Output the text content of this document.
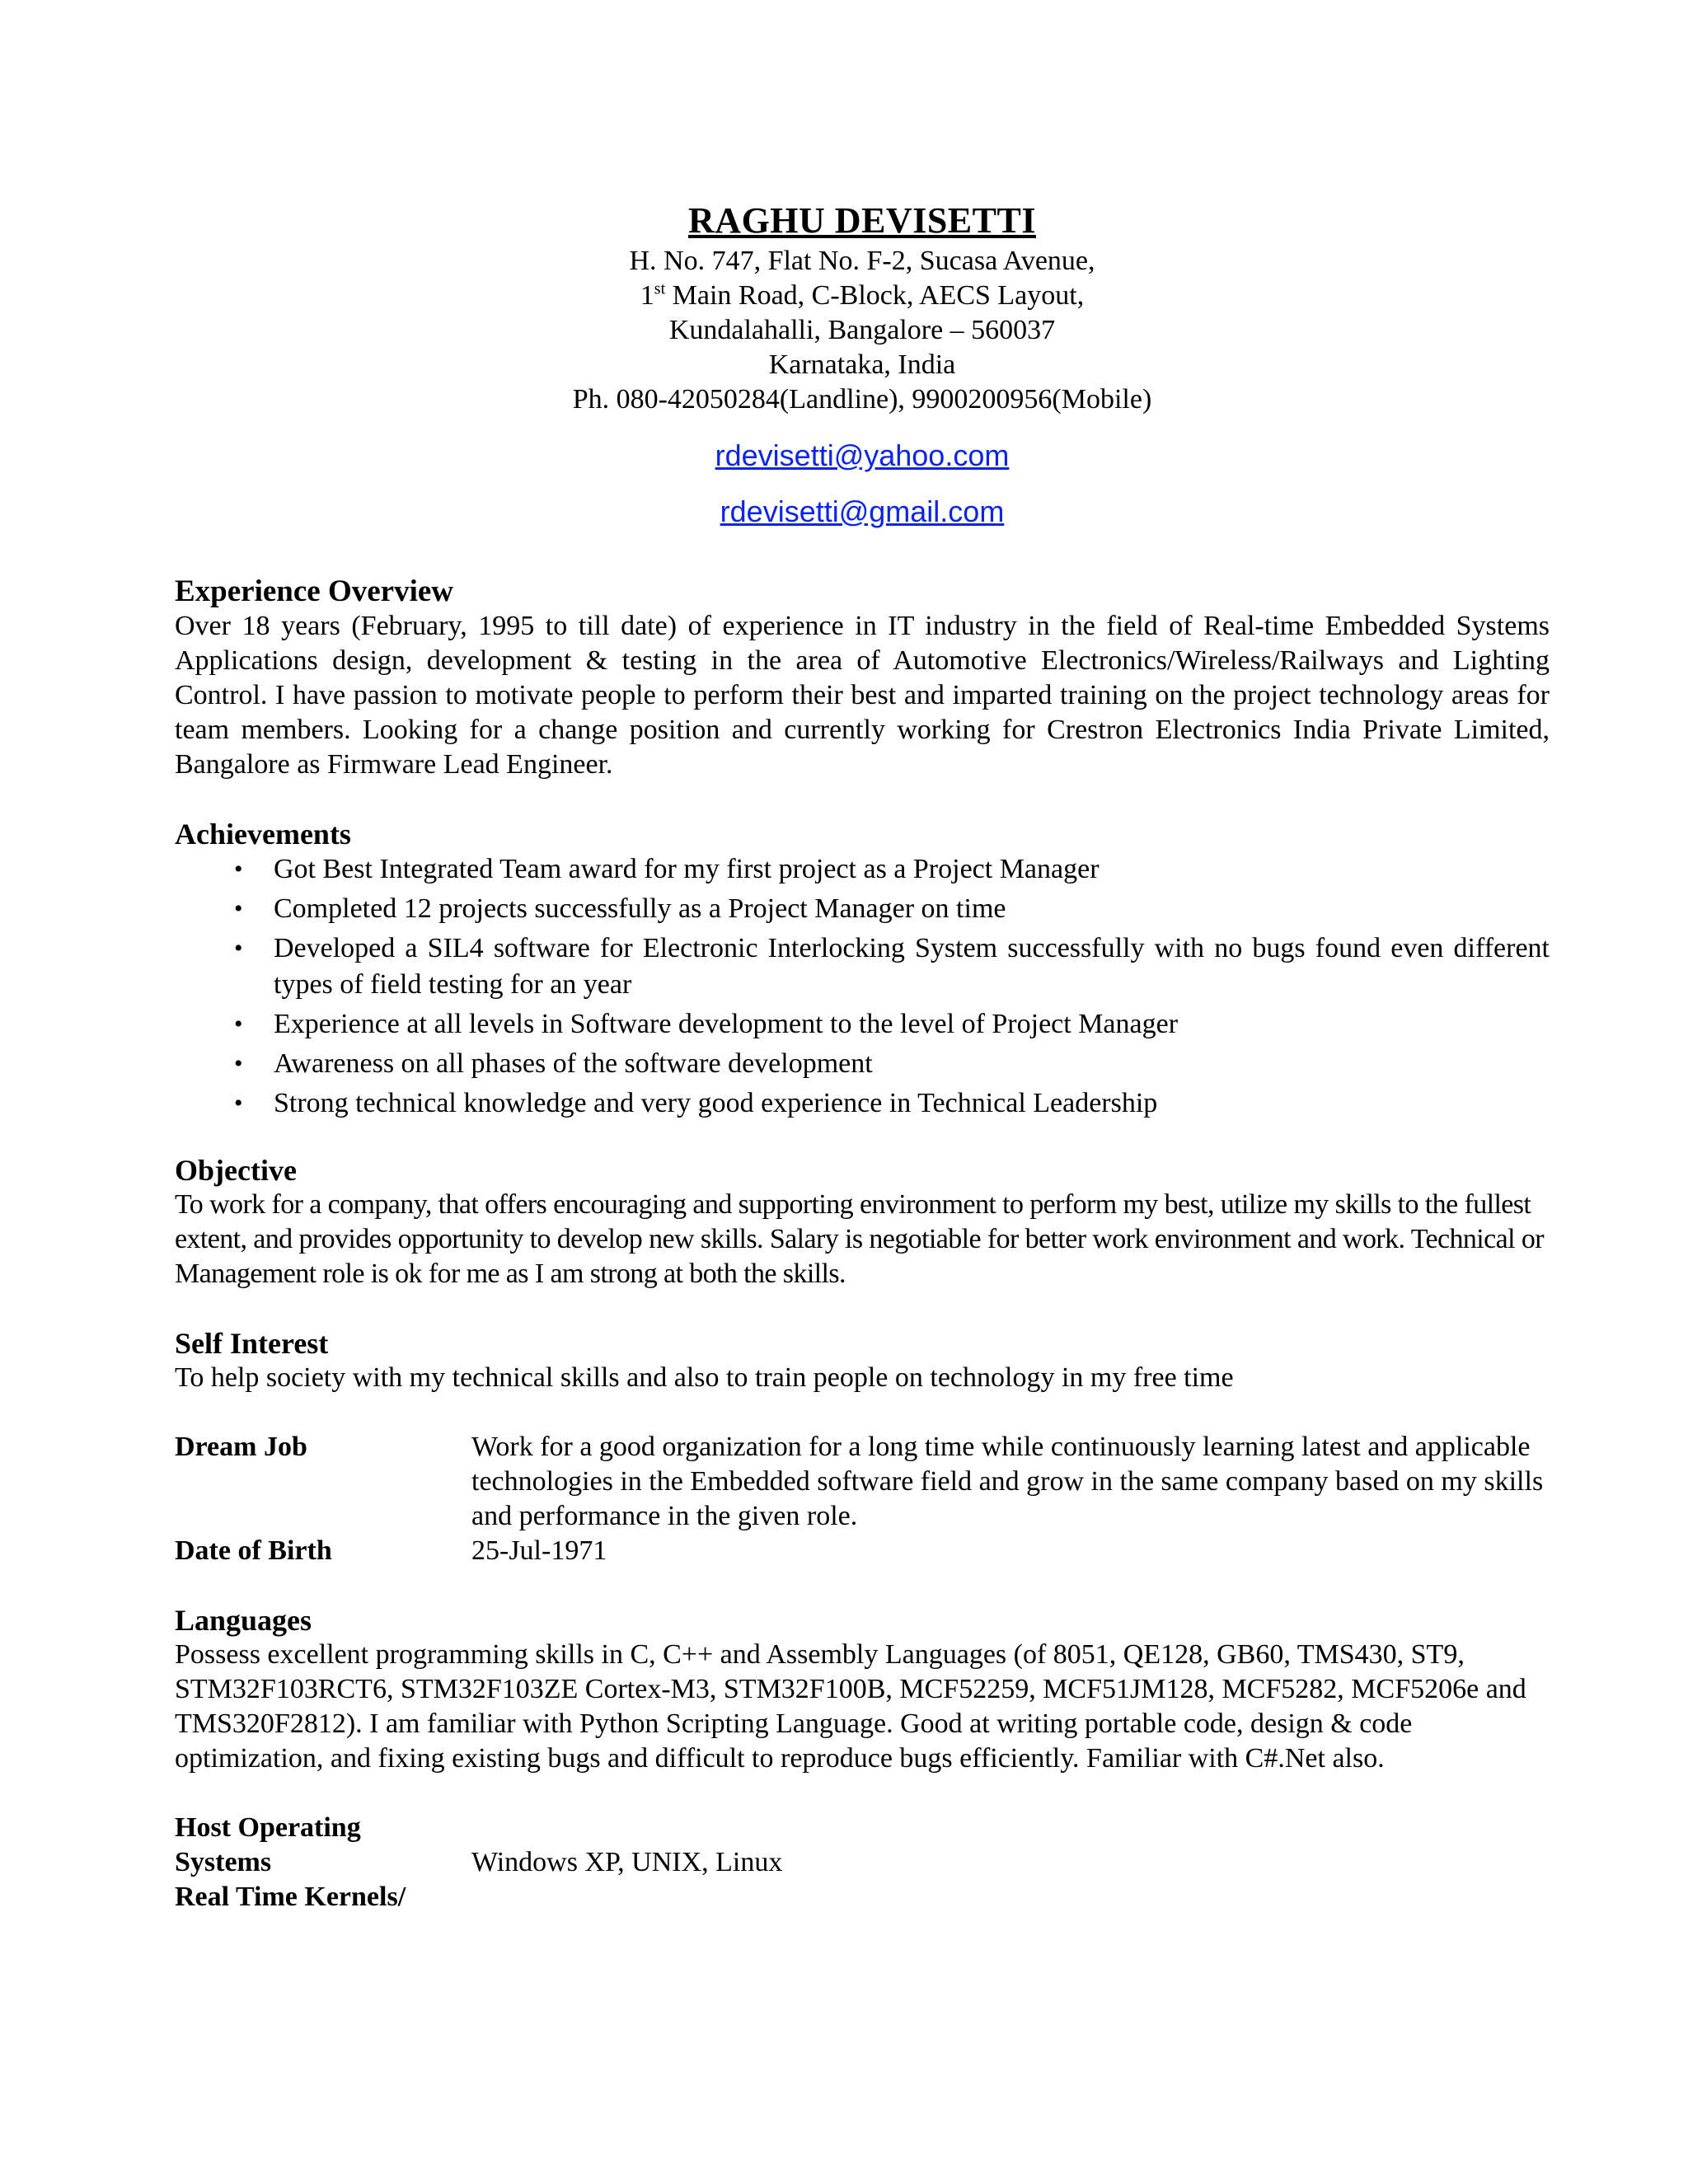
RAGHU DEVISETTI
H. No. 747, Flat No. F-2, Sucasa Avenue,
1st Main Road, C-Block, AECS Layout,
Kundalahalli, Bangalore – 560037
Karnataka, India
Ph. 080-42050284(Landline), 9900200956(Mobile)
rdevisetti@yahoo.com
rdevisetti@gmail.com
Experience Overview
Over 18 years (February, 1995 to till date) of experience in IT industry in the field of Real-time Embedded Systems Applications design, development & testing in the area of Automotive Electronics/Wireless/Railways and Lighting Control. I have passion to motivate people to perform their best and imparted training on the project technology areas for team members. Looking for a change position and currently working for Crestron Electronics India Private Limited, Bangalore as Firmware Lead Engineer.
Achievements
• Got Best Integrated Team award for my first project as a Project Manager
• Completed 12 projects successfully as a Project Manager on time
• Developed a SIL4 software for Electronic Interlocking System successfully with no bugs found even different types of field testing for an year
• Experience at all levels in Software development to the level of Project Manager
• Awareness on all phases of the software development
• Strong technical knowledge and very good experience in Technical Leadership
Objective
To work for a company, that offers encouraging and supporting environment to perform my best, utilize my skills to the fullest extent, and provides opportunity to develop new skills. Salary is negotiable for better work environment and work. Technical or Management role is ok for me as I am strong at both the skills.
Self Interest
To help society with my technical skills and also to train people on technology in my free time
Dream Job	Work for a good organization for a long time while continuously learning latest and applicable technologies in the Embedded software field and grow in the same company based on my skills and performance in the given role.
Date of Birth	25-Jul-1971
Languages
Possess excellent programming skills in C, C++ and Assembly Languages (of 8051, QE128, GB60, TMS430, ST9, STM32F103RCT6, STM32F103ZE Cortex-M3, STM32F100B, MCF52259, MCF51JM128, MCF5282, MCF5206e and TMS320F2812). I am familiar with Python Scripting Language. Good at writing portable code, design & code optimization, and fixing existing bugs and difficult to reproduce bugs efficiently. Familiar with C#.Net also.
Host Operating
Systems	Windows XP, UNIX, Linux
Real Time Kernels/
